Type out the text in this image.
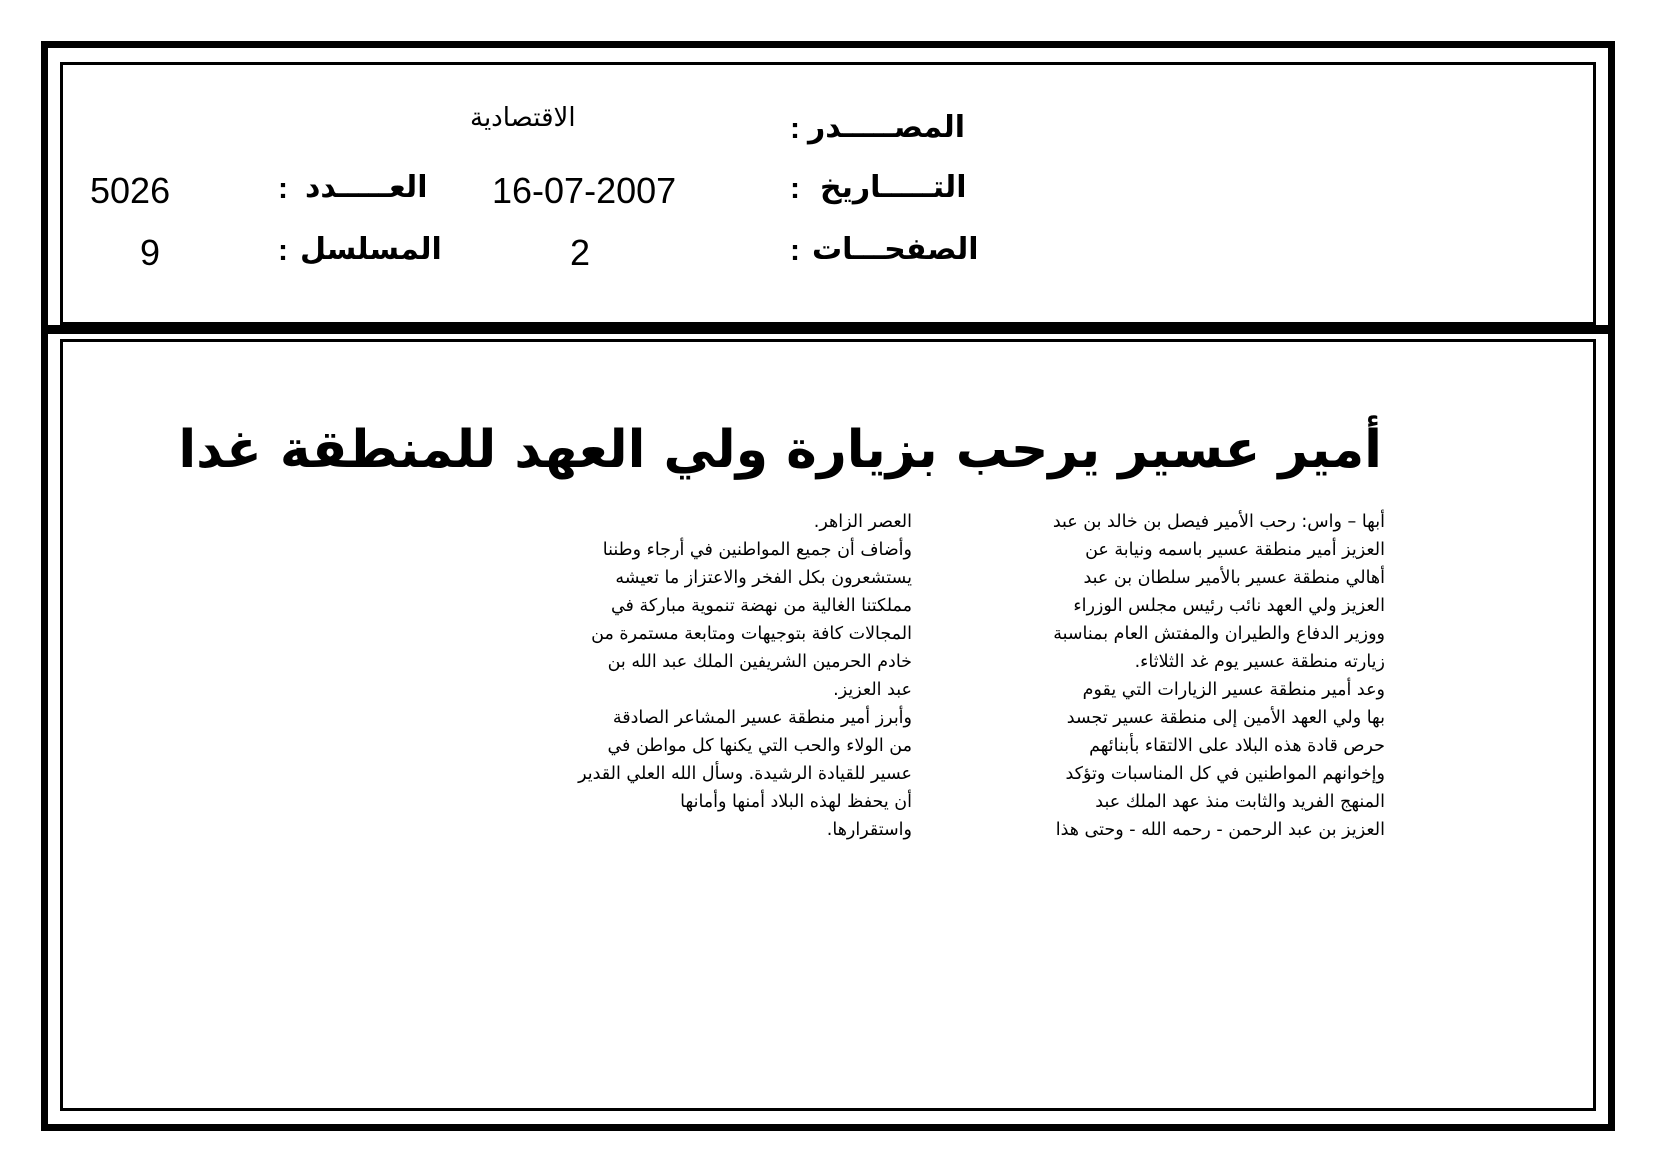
المصـــــدر
:
الاقتصادية
التـــــاريخ
:
16-07-2007
الصفحـــات
:
2
العـــــدد
:
5026
المسلسل
:
9
أمير عسير يرحب بزيارة ولي العهد للمنطقة غدا
أبها – واس: رحب الأمير فيصل بن خالد بن عبد
العزيز أمير منطقة عسير باسمه ونيابة عن
أهالي منطقة عسير بالأمير سلطان بن عبد
العزيز ولي العهد نائب رئيس مجلس الوزراء
ووزير الدفاع والطيران والمفتش العام بمناسبة
زيارته منطقة عسير يوم غد الثلاثاء.
وعد أمير منطقة عسير الزيارات التي يقوم
بها ولي العهد الأمين إلى منطقة عسير تجسد
حرص قادة هذه البلاد على الالتقاء بأبنائهم
وإخوانهم المواطنين في كل المناسبات وتؤكد
المنهج الفريد والثابت منذ عهد الملك عبد
العزيز بن عبد الرحمن - رحمه الله - وحتى هذا
العصر الزاهر.
وأضاف أن جميع المواطنين في أرجاء وطننا
يستشعرون بكل الفخر والاعتزاز ما تعيشه
مملكتنا الغالية من نهضة تنموية مباركة في
المجالات كافة بتوجيهات ومتابعة مستمرة من
خادم الحرمين الشريفين الملك عبد الله بن
عبد العزيز.
وأبرز أمير منطقة عسير المشاعر الصادقة
من الولاء والحب التي يكنها كل مواطن في
عسير للقيادة الرشيدة. وسأل الله العلي القدير
أن يحفظ لهذه البلاد أمنها وأمانها
واستقرارها.
